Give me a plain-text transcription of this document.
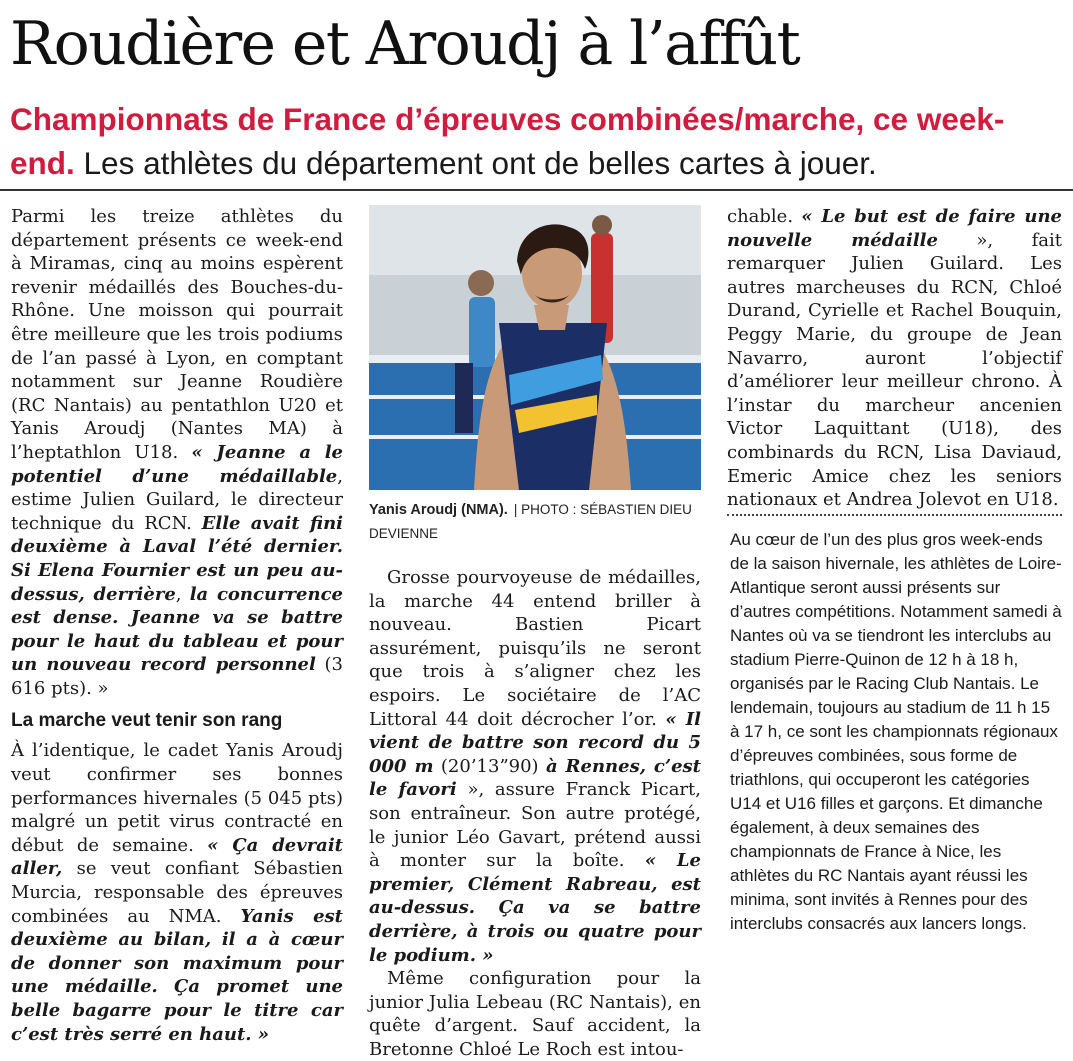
Roudière et Aroudj à l’affût
Championnats de France d’épreuves combinées/marche, ce week-end. Les athlètes du département ont de belles cartes à jouer.

Parmi les treize athlètes du département présents ce week-end à Miramas, cinq au moins espèrent revenir médaillés des Bouches-du-Rhône. Une moisson qui pourrait être meilleure que les trois podiums de l’an passé à Lyon, en comptant notamment sur Jeanne Roudière (RC Nantais) au pentathlon U20 et Yanis Aroudj (Nantes MA) à l’heptathlon U18. « Jeanne a le potentiel d’une médaillable, estime Julien Guilard, le directeur technique du RCN. Elle avait fini deuxième à Laval l’été dernier. Si Elena Fournier est un peu au-dessus, derrière, la concurrence est dense. Jeanne va se battre pour le haut du tableau et pour un nouveau record personnel (3 616 pts). »

La marche veut tenir son rang

À l’identique, le cadet Yanis Aroudj veut confirmer ses bonnes performances hivernales (5 045 pts) malgré un petit virus contracté en début de semaine. « Ça devrait aller, se veut confiant Sébastien Murcia, responsable des épreuves combinées au NMA. Yanis est deuxième au bilan, il a à cœur de donner son maximum pour une médaille. Ça promet une belle bagarre pour le titre car c’est très serré en haut. »

Yanis Aroudj (NMA). | PHOTO : SÉBASTIEN DIEU DEVIENNE

Grosse pourvoyeuse de médailles, la marche 44 entend briller à nouveau. Bastien Picart assurément, puisqu’ils ne seront que trois à s’aligner chez les espoirs. Le sociétaire de l’AC Littoral 44 doit décrocher l’or. « Il vient de battre son record du 5 000 m (20’13”90) à Rennes, c’est le favori », assure Franck Picart, son entraîneur. Son autre protégé, le junior Léo Gavart, prétend aussi à monter sur la boîte. « Le premier, Clément Rabreau, est au-dessus. Ça va se battre derrière, à trois ou quatre pour le podium. »

Même configuration pour la junior Julia Lebeau (RC Nantais), en quête d’argent. Sauf accident, la Bretonne Chloé Le Roch est intou-

chable. « Le but est de faire une nouvelle médaille », fait remarquer Julien Guilard. Les autres marcheuses du RCN, Chloé Durand, Cyrielle et Rachel Bouquin, Peggy Marie, du groupe de Jean Navarro, auront l’objectif d’améliorer leur meilleur chrono. À l’instar du marcheur ancenien Victor Laquittant (U18), des combinards du RCN, Lisa Daviaud, Emeric Amice chez les seniors nationaux et Andrea Jolevot en U18.

Au cœur de l’un des plus gros week-ends de la saison hivernale, les athlètes de Loire-Atlantique seront aussi présents sur d’autres compétitions. Notamment samedi à Nantes où va se tiendront les interclubs au stadium Pierre-Quinon de 12 h à 18 h, organisés par le Racing Club Nantais. Le lendemain, toujours au stadium de 11 h 15 à 17 h, ce sont les championnats régionaux d’épreuves combinées, sous forme de triathlons, qui occuperont les catégories U14 et U16 filles et garçons. Et dimanche également, à deux semaines des championnats de France à Nice, les athlètes du RC Nantais ayant réussi les minima, sont invités à Rennes pour des interclubs consacrés aux lancers longs.
